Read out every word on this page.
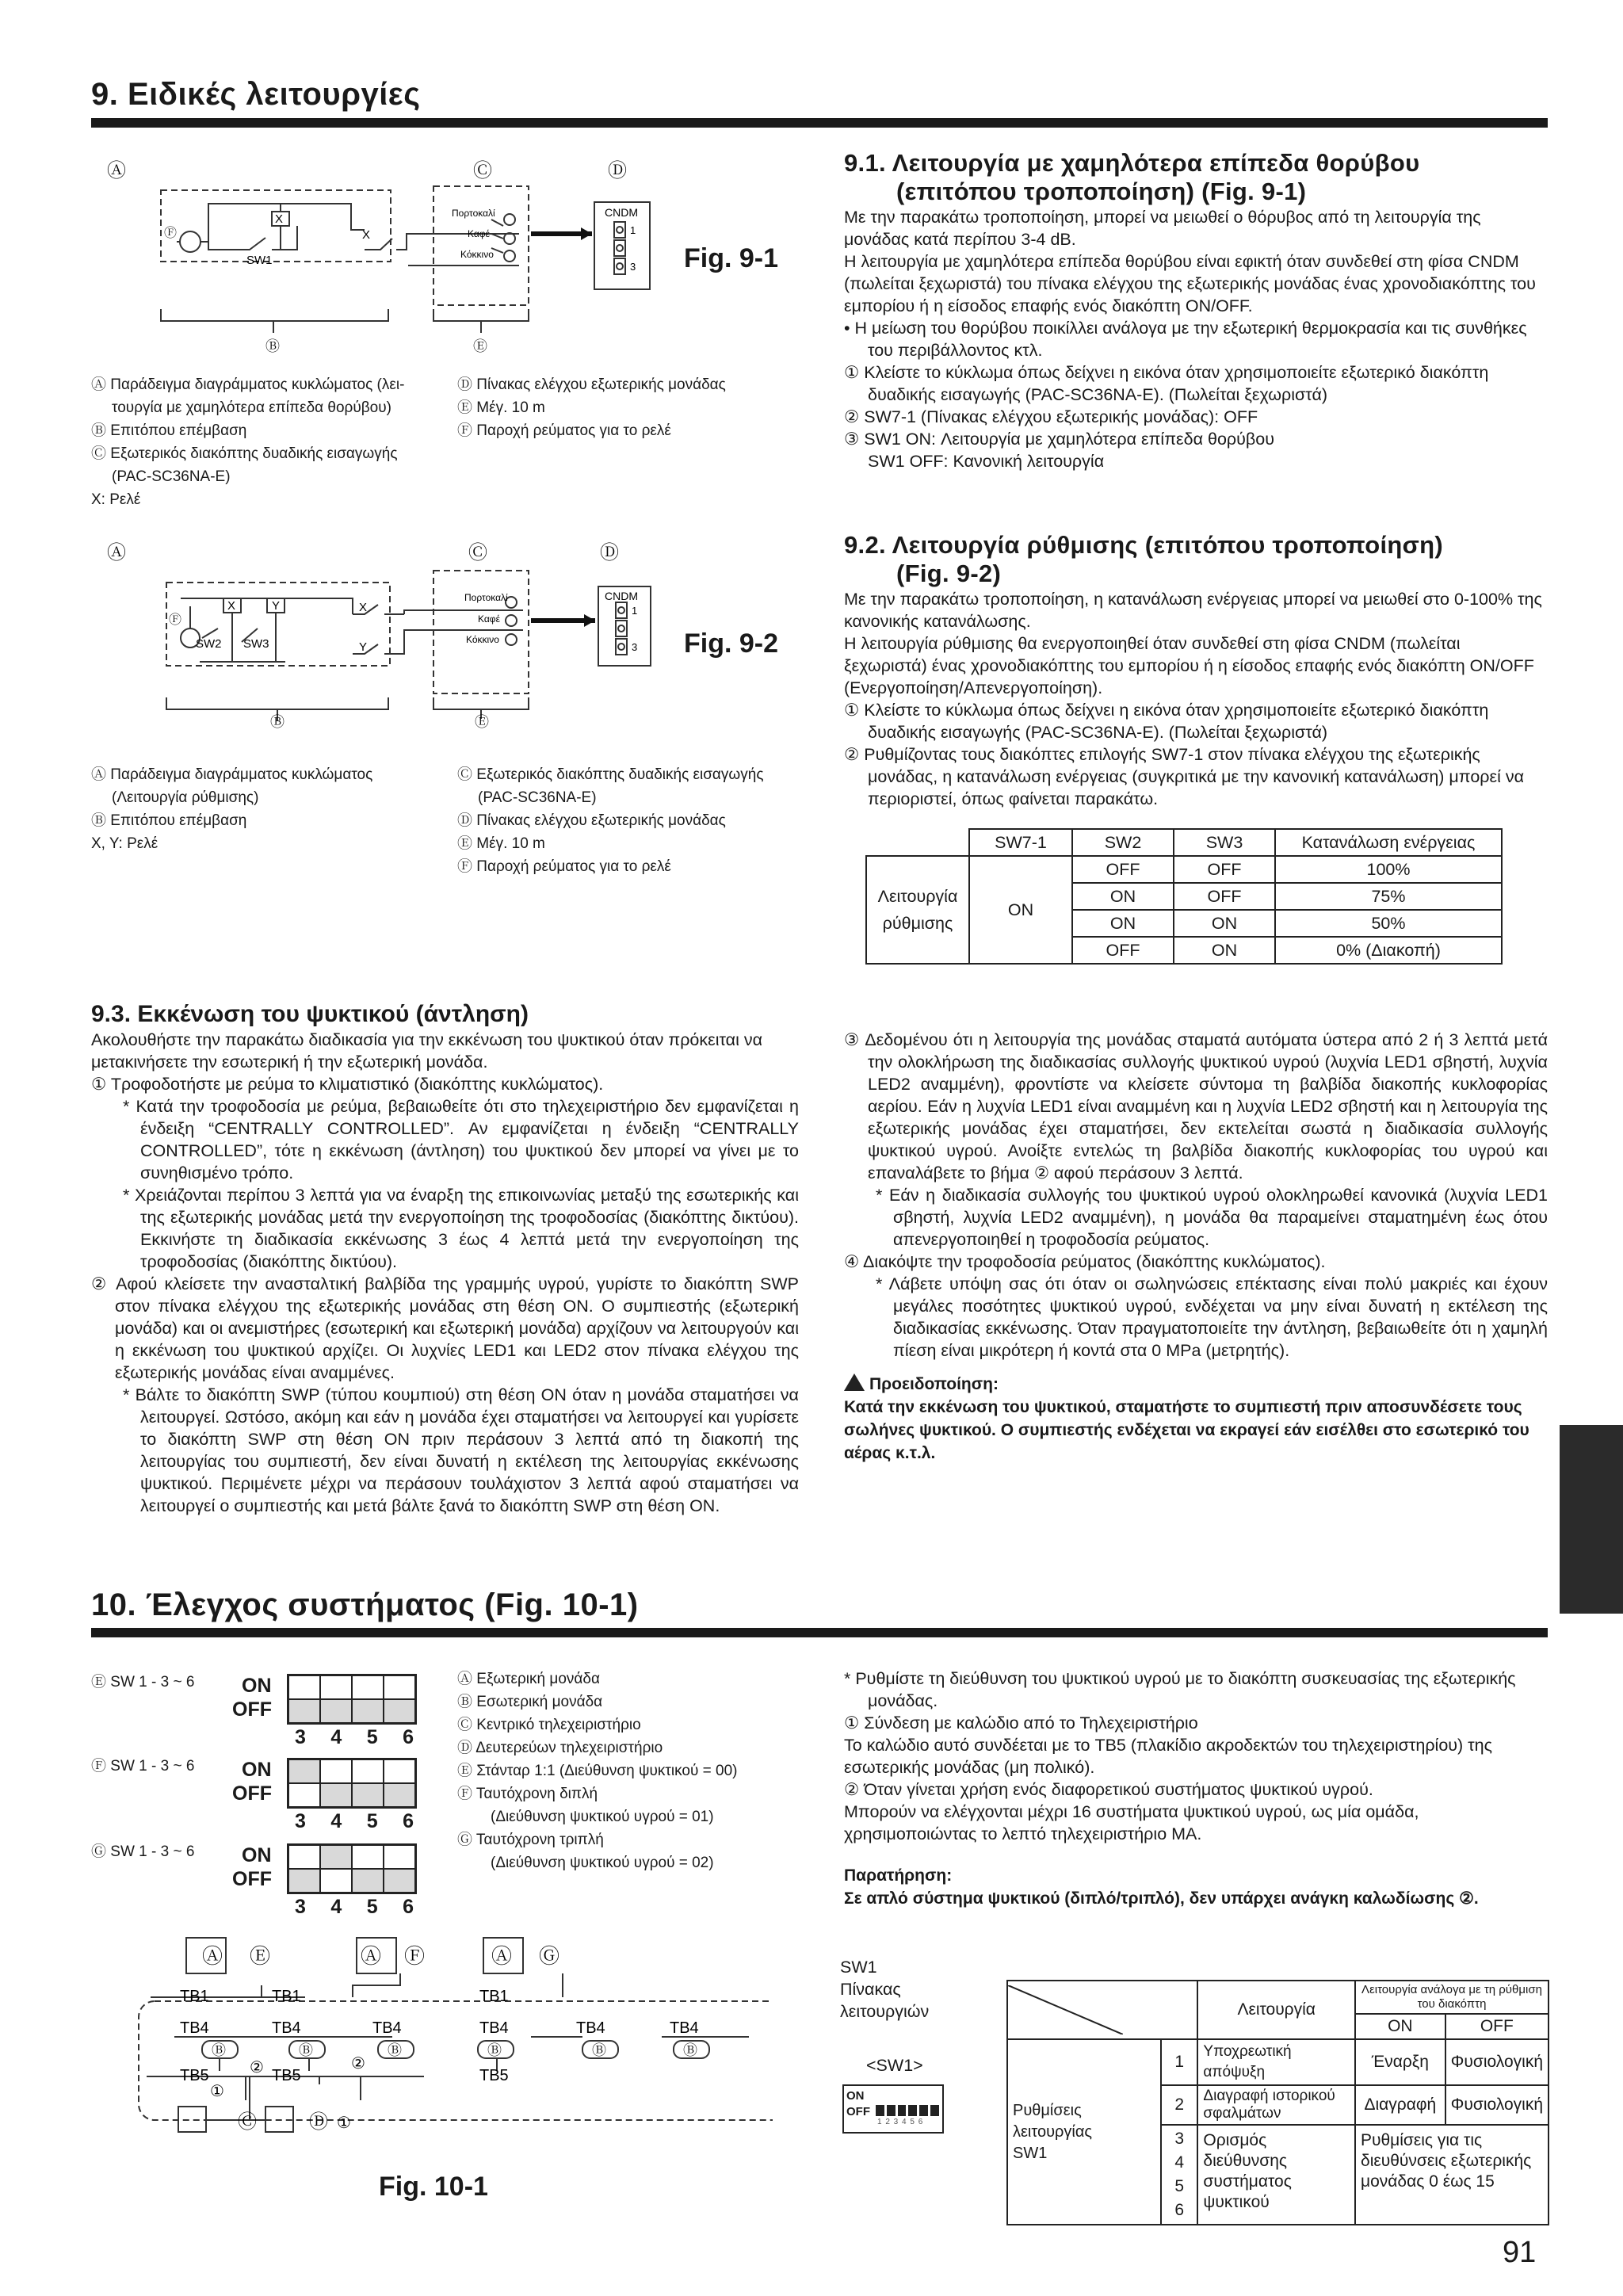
9. Ειδικές λειτουργίες
Ⓐ	Ⓒ	Ⓓ
Ⓕ
SW1
X
X
Πορτοκαλί
Καφέ
Κόκκινο
CNDM
1
3
Ⓑ	Ⓔ
Fig. 9-1
Ⓐ Παράδειγμα διαγράμματος κυκλώματος (λει-
τουργία με χαμηλότερα επίπεδα θορύβου)
Ⓑ Επιτόπου επέμβαση
Ⓒ Εξωτερικός διακόπτης δυαδικής εισαγωγής
(PAC-SC36NA-E)
X: Ρελέ
Ⓓ Πίνακας ελέγχου εξωτερικής μονάδας
Ⓔ Μέγ. 10 m
Ⓕ Παροχή ρεύματος για το ρελέ
9.1. Λειτουργία με χαμηλότερα επίπεδα θορύβου
(επιτόπου τροποποίηση) (Fig. 9-1)
Με την παρακάτω τροποποίηση, μπορεί να μειωθεί ο θόρυβος από τη λειτουργία της μονάδας κατά περίπου 3-4 dB.
Η λειτουργία με χαμηλότερα επίπεδα θορύβου είναι εφικτή όταν συνδεθεί στη φίσα CNDM (πωλείται ξεχωριστά) του πίνακα ελέγχου της εξωτερικής μονάδας ένας χρονοδιακόπτης του εμπορίου ή η είσοδος επαφής ενός διακόπτη ON/OFF.
• Η μείωση του θορύβου ποικίλλει ανάλογα με την εξωτερική θερμοκρασία και τις συνθήκες του περιβάλλοντος κτλ.
① Κλείστε το κύκλωμα όπως δείχνει η εικόνα όταν χρησιμοποιείτε εξωτερικό διακόπτη δυαδικής εισαγωγής (PAC-SC36NA-E). (Πωλείται ξεχωριστά)
② SW7-1 (Πίνακας ελέγχου εξωτερικής μονάδας): OFF
③ SW1 ON: Λειτουργία με χαμηλότερα επίπεδα θορύβου
SW1 OFF: Κανονική λειτουργία
Ⓐ	Ⓒ	Ⓓ
Ⓕ
SW2 SW3
X	Y	X
Y
Πορτοκαλί
Καφέ
Κόκκινο
CNDM
1
3
Ⓑ	Ⓔ
Fig. 9-2
Ⓐ Παράδειγμα διαγράμματος κυκλώματος
(Λειτουργία ρύθμισης)
Ⓑ Επιτόπου επέμβαση
X, Y: Ρελέ
Ⓒ Εξωτερικός διακόπτης δυαδικής εισαγωγής
(PAC-SC36NA-E)
Ⓓ Πίνακας ελέγχου εξωτερικής μονάδας
Ⓔ Μέγ. 10 m
Ⓕ Παροχή ρεύματος για το ρελέ
9.2. Λειτουργία ρύθμισης (επιτόπου τροποποίηση)
(Fig. 9-2)
Με την παρακάτω τροποποίηση, η κατανάλωση ενέργειας μπορεί να μειωθεί στο 0-100% της κανονικής κατανάλωσης.
Η λειτουργία ρύθμισης θα ενεργοποιηθεί όταν συνδεθεί στη φίσα CNDM (πωλείται ξεχωριστά) ένας χρονοδιακόπτης του εμπορίου ή η είσοδος επαφής ενός διακόπτη ON/OFF (Ενεργοποίηση/Απενεργοποίηση).
① Κλείστε το κύκλωμα όπως δείχνει η εικόνα όταν χρησιμοποιείτε εξωτερικό διακόπτη δυαδικής εισαγωγής (PAC-SC36NA-E). (Πωλείται ξεχωριστά)
② Ρυθμίζοντας τους διακόπτες επιλογής SW7-1 στον πίνακα ελέγχου της εξωτερικής μονάδας, η κατανάλωση ενέργειας (συγκριτικά με την κανονική κατανάλωση) μπορεί να περιοριστεί, όπως φαίνεται παρακάτω.
	SW7-1	SW2	SW3	Κατανάλωση ενέργειας

Λειτουργία
ρύθμισης	ON	OFF	OFF	100%
		ON	OFF	75%
		ON	ON	50%
		OFF	ON	0% (Διακοπή)
9.3. Εκκένωση του ψυκτικού (άντληση)
Ακολουθήστε την παρακάτω διαδικασία για την εκκένωση του ψυκτικού όταν πρόκειται να μετακινήσετε την εσωτερική ή την εξωτερική μονάδα.
① Τροφοδοτήστε με ρεύμα το κλιματιστικό (διακόπτης κυκλώματος).
* Κατά την τροφοδοσία με ρεύμα, βεβαιωθείτε ότι στο τηλεχειριστήριο δεν εμφανίζεται η ένδειξη “CENTRALLY CONTROLLED”. Αν εμφανίζεται η ένδειξη “CENTRALLY CONTROLLED”, τότε η εκκένωση (άντληση) του ψυκτικού δεν μπορεί να γίνει με το συνηθισμένο τρόπο.
* Χρειάζονται περίπου 3 λεπτά για να έναρξη της επικοινωνίας μεταξύ της εσωτερικής και της εξωτερικής μονάδας μετά την ενεργοποίηση της τροφοδοσίας (διακόπτης δικτύου). Εκκινήστε τη διαδικασία εκκένωσης 3 έως 4 λεπτά μετά την ενεργοποίηση της τροφοδοσίας (διακόπτης δικτύου).
② Αφού κλείσετε την ανασταλτική βαλβίδα της γραμμής υγρού, γυρίστε το διακόπτη SWP στον πίνακα ελέγχου της εξωτερικής μονάδας στη θέση ON. Ο συμπιεστής (εξωτερική μονάδα) και οι ανεμιστήρες (εσωτερική και εξωτερική μονάδα) αρχίζουν να λειτουργούν και η εκκένωση του ψυκτικού αρχίζει. Οι λυχνίες LED1 και LED2 στον πίνακα ελέγχου της εξωτερικής μονάδας είναι αναμμένες.
* Βάλτε το διακόπτη SWP (τύπου κουμπιού) στη θέση ON όταν η μονάδα σταματήσει να λειτουργεί. Ωστόσο, ακόμη και εάν η μονάδα έχει σταματήσει να λειτουργεί και γυρίσετε το διακόπτη SWP στη θέση ON πριν περάσουν 3 λεπτά από τη διακοπή της λειτουργίας του συμπιεστή, δεν είναι δυνατή η εκτέλεση της λειτουργίας εκκένωσης ψυκτικού. Περιμένετε μέχρι να περάσουν τουλάχιστον 3 λεπτά αφού σταματήσει να λειτουργεί ο συμπιεστής και μετά βάλτε ξανά το διακόπτη SWP στη θέση ON.
③ Δεδομένου ότι η λειτουργία της μονάδας σταματά αυτόματα ύστερα από 2 ή 3 λεπτά μετά την ολοκλήρωση της διαδικασίας συλλογής ψυκτικού υγρού (λυχνία LED1 σβηστή, λυχνία LED2 αναμμένη), φροντίστε να κλείσετε σύντομα τη βαλβίδα διακοπής κυκλοφορίας αερίου. Εάν η λυχνία LED1 είναι αναμμένη και η λυχνία LED2 σβηστή και η λειτουργία της εξωτερικής μονάδας έχει σταματήσει, δεν εκτελείται σωστά η διαδικασία συλλογής ψυκτικού υγρού. Ανοίξτε εντελώς τη βαλβίδα διακοπής κυκλοφορίας του υγρού και επαναλάβετε το βήμα ② αφού περάσουν 3 λεπτά.
* Εάν η διαδικασία συλλογής του ψυκτικού υγρού ολοκληρωθεί κανονικά (λυχνία LED1 σβηστή, λυχνία LED2 αναμμένη), η μονάδα θα παραμείνει σταματημένη έως ότου απενεργοποιηθεί η τροφοδοσία ρεύματος.
④ Διακόψτε την τροφοδοσία ρεύματος (διακόπτης κυκλώματος).
* Λάβετε υπόψη σας ότι όταν οι σωληνώσεις επέκτασης είναι πολύ μακριές και έχουν μεγάλες ποσότητες ψυκτικού υγρού, ενδέχεται να μην είναι δυνατή η εκτέλεση της διαδικασίας εκκένωσης. Όταν πραγματοποιείτε την άντληση, βεβαιωθείτε ότι η χαμηλή πίεση είναι μικρότερη ή κοντά στα 0 MPa (μετρητής).
Προειδοποίηση:
Κατά την εκκένωση του ψυκτικού, σταματήστε το συμπιεστή πριν αποσυνδέσετε τους σωλήνες ψυκτικού. Ο συμπιεστής ενδέχεται να εκραγεί εάν εισέλθει στο εσωτερικό του αέρας κ.τ.λ.
10. Έλεγχος συστήματος (Fig. 10-1)
Ⓔ SW 1 - 3 ~ 6 ON
OFF
3 4 5 6
Ⓕ SW 1 - 3 ~ 6 ON
OFF
3 4 5 6
Ⓖ SW 1 - 3 ~ 6 ON
OFF
3 4 5 6
Ⓐ Εξωτερική μονάδα
Ⓑ Εσωτερική μονάδα
Ⓒ Κεντρικό τηλεχειριστήριο
Ⓓ Δευτερεύων τηλεχειριστήριο
Ⓔ Στάνταρ 1:1 (Διεύθυνση ψυκτικού = 00)
Ⓕ Ταυτόχρονη διπλή
(Διεύθυνση ψυκτικού υγρού = 01)
Ⓖ Ταυτόχρονη τριπλή
(Διεύθυνση ψυκτικού υγρού = 02)
Ⓐ Ⓔ	Ⓐ Ⓕ	Ⓐ Ⓖ
TB1	TB1	TB1
TB4	TB4	TB4	TB4	TB4	TB4
Ⓑ	Ⓑ	Ⓑ	Ⓑ	Ⓑ	Ⓑ
TB5	TB5	TB5
②	②
①
①
Ⓒ	Ⓓ
Fig. 10-1
* Ρυθμίστε τη διεύθυνση του ψυκτικού υγρού με το διακόπτη συσκευασίας της εξωτερικής μονάδας.
① Σύνδεση με καλώδιο από το Τηλεχειριστήριο
Το καλώδιο αυτό συνδέεται με το TB5 (πλακίδιο ακροδεκτών του τηλεχειριστηρίου) της εσωτερικής μονάδας (μη πολικό).
② Όταν γίνεται χρήση ενός διαφορετικού συστήματος ψυκτικού υγρού.
Μπορούν να ελέγχονται μέχρι 16 συστήματα ψυκτικού υγρού, ως μία ομάδα, χρησιμοποιώντας το λεπτό τηλεχειριστήριο MA.
Παρατήρηση:
Σε απλό σύστημα ψυκτικού (διπλό/τριπλό), δεν υπάρχει ανάγκη καλωδίωσης ②.
SW1
Πίνακας
λειτουργιών
<SW1>
ON
OFF
1 2 3 4 5 6
	Λειτουργία	Λειτουργία ανάλογα με τη ρύθμιση του διακόπτη	
			ON	OFF

Ρυθμίσεις
λειτουργίας
SW1	1	Υποχρεωτική απόψυξη	Έναρξη	Φυσιολογική
	2	Διαγραφή ιστορικού σφαλμάτων	Διαγραφή	Φυσιολογική

	3
4
5
6	Ορισμός διεύθυνσης συστήματος ψυκτικού	Ρυθμίσεις για τις διευθύνσεις εξωτερικής μονάδας 0 έως 15	
91
